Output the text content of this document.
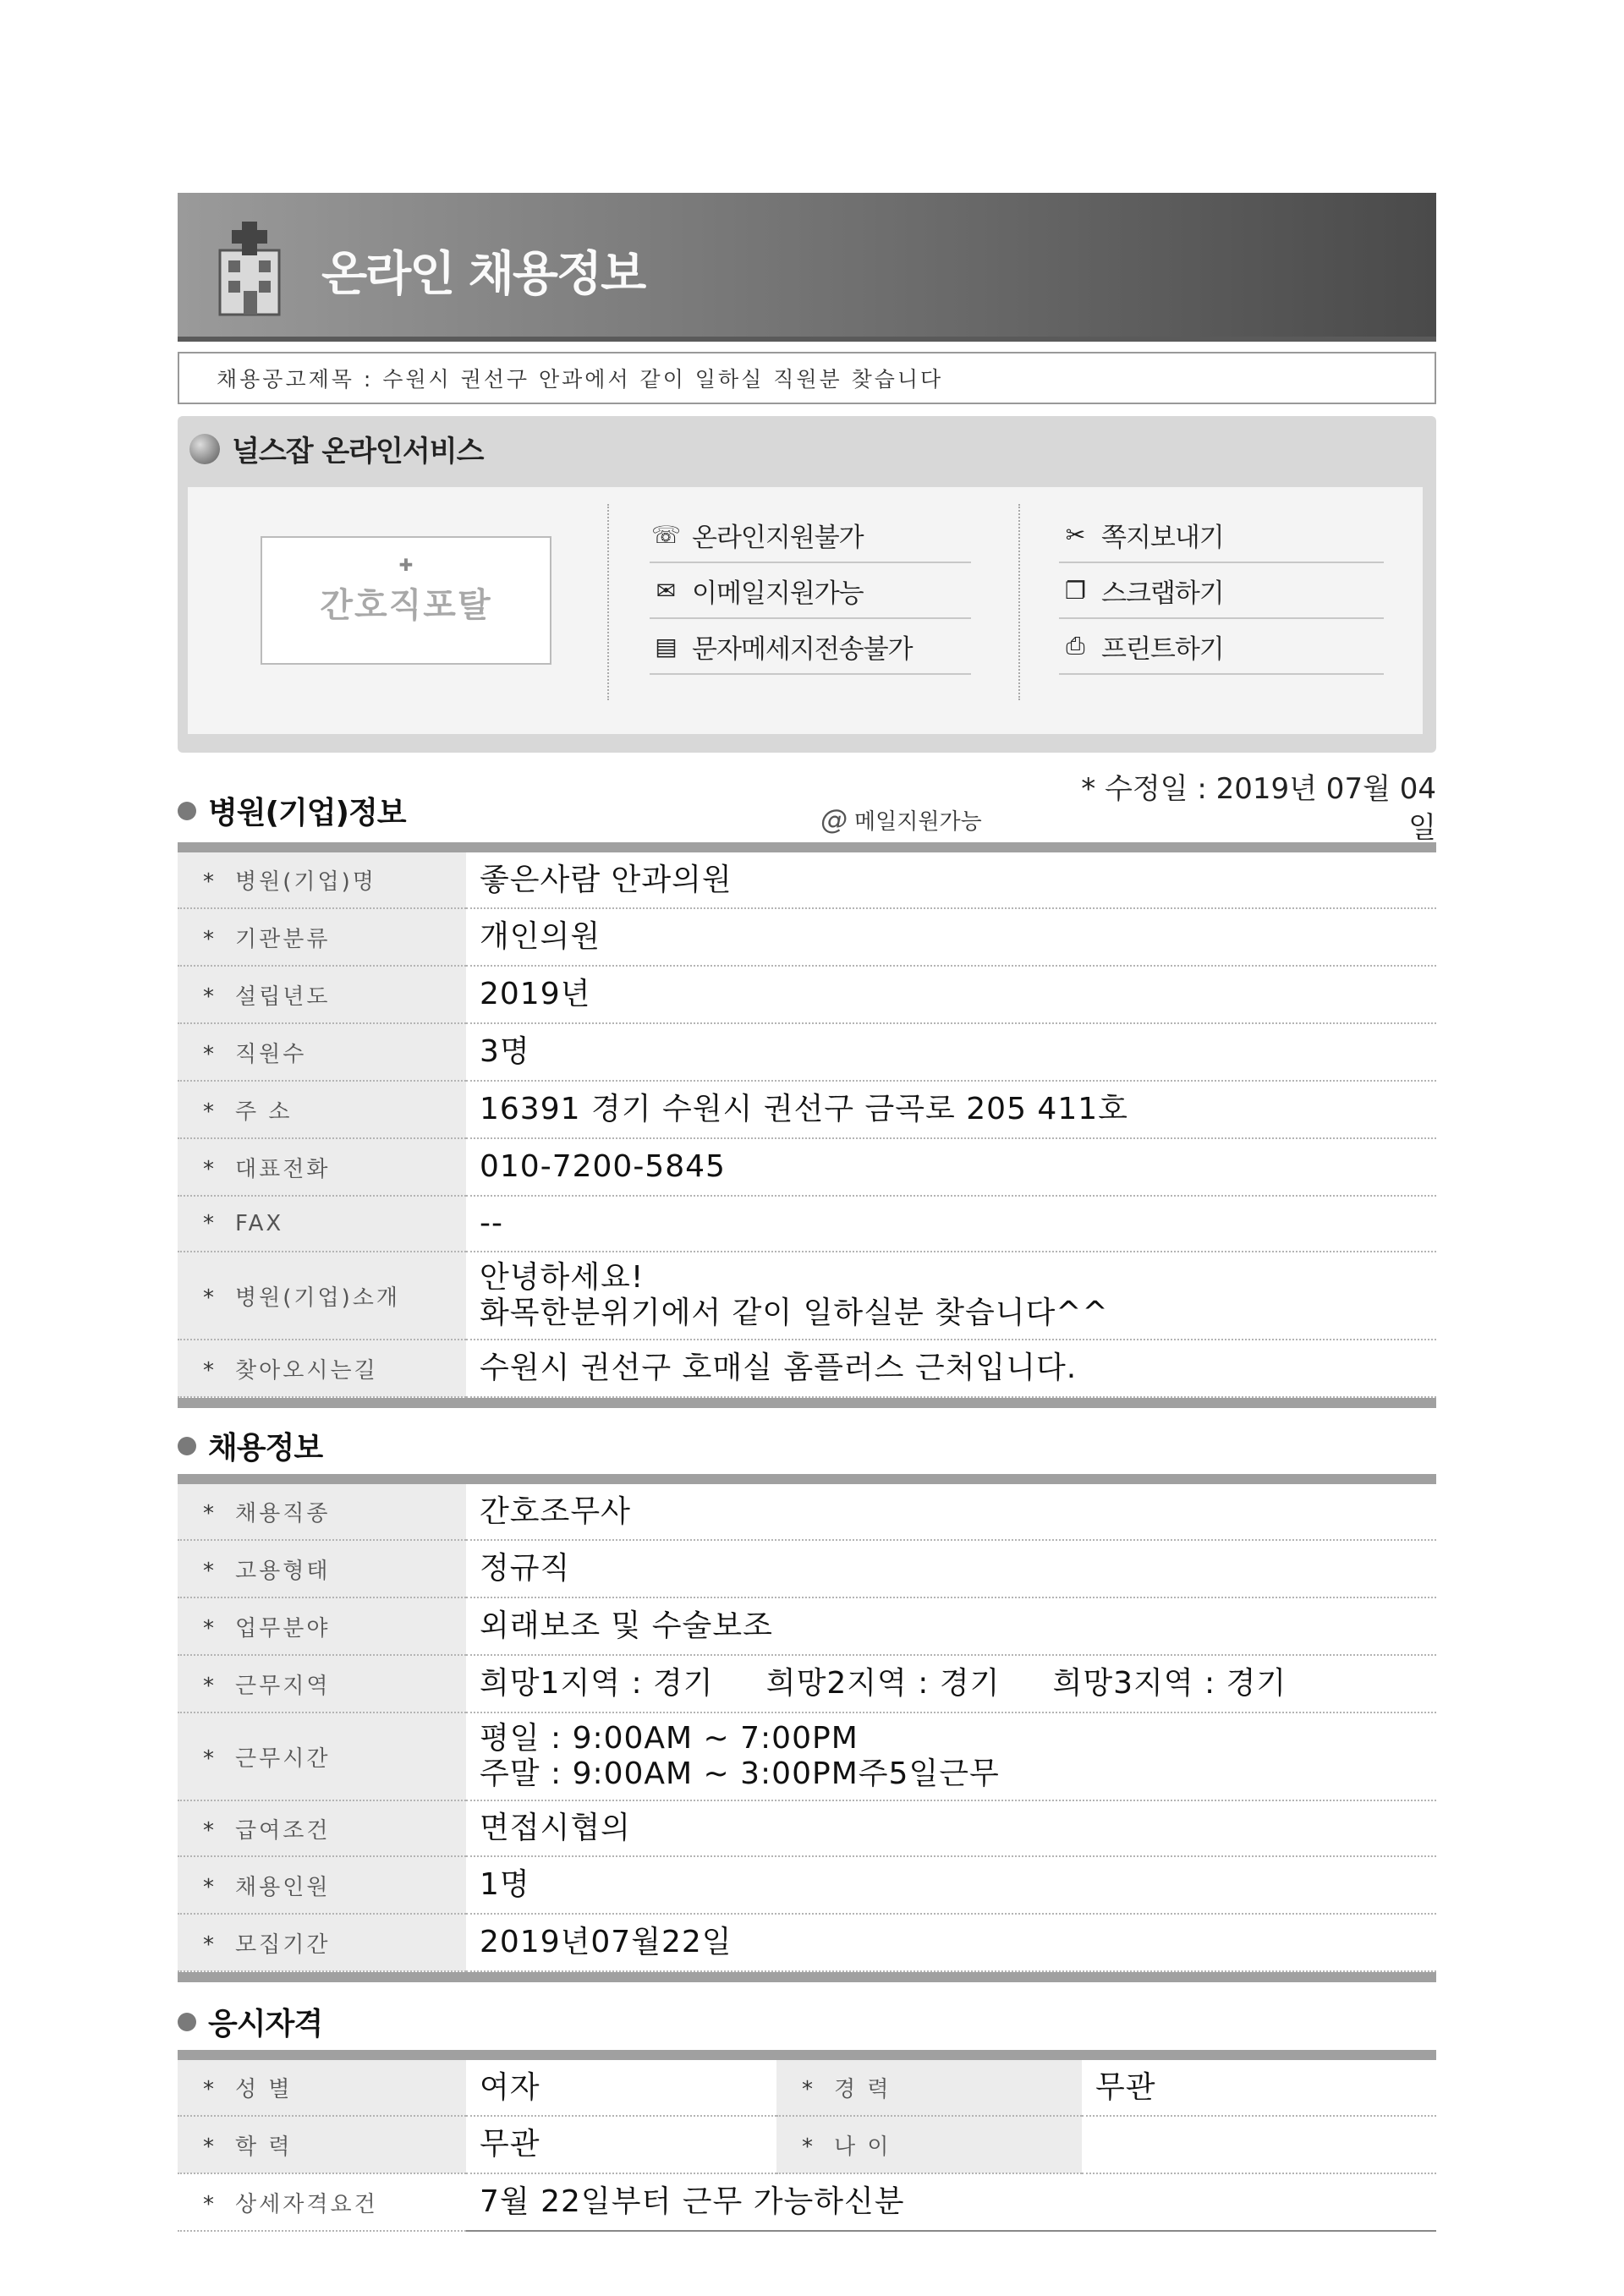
온라인 채용정보
채용공고제목 : 수원시 권선구 안과에서 같이 일하실 직원분 찾습니다
널스잡 온라인서비스
✚
간호직포탈
☏ 온라인지원불가
✉ 이메일지원가능
▤ 문자메세지전송불가
✂ 쪽지보내기
❐ 스크랩하기
⎙ 프린트하기
병원(기업)정보	@ 메일지원가능
* 수정일 : 2019년 07월 04
일
* 병원(기업)명	좋은사람 안과의원
* 기관분류	개인의원
* 설립년도	2019년
* 직원수	3명
* 주 소	16391 경기 수원시 권선구 금곡로 205 411호
* 대표전화	010-7200-5845
* FAX	--
* 병원(기업)소개	안녕하세요!
화목한분위기에서 같이 일하실분 찾습니다^^
* 찾아오시는길	수원시 권선구 호매실 홈플러스 근처입니다.
채용정보
* 채용직종	간호조무사
* 고용형태	정규직
* 업무분야	외래보조 및 수술보조
* 근무지역	희망1지역 : 경기     희망2지역 : 경기     희망3지역 : 경기
* 근무시간	평일 : 9:00AM ~ 7:00PM
주말 : 9:00AM ~ 3:00PM주5일근무
* 급여조건	면접시협의
* 채용인원	1명
* 모집기간	2019년07월22일
응시자격
* 성 별	여자	* 경 력	무관
* 학 력	무관	* 나 이	
* 상세자격요건	7월 22일부터 근무 가능하신분		
